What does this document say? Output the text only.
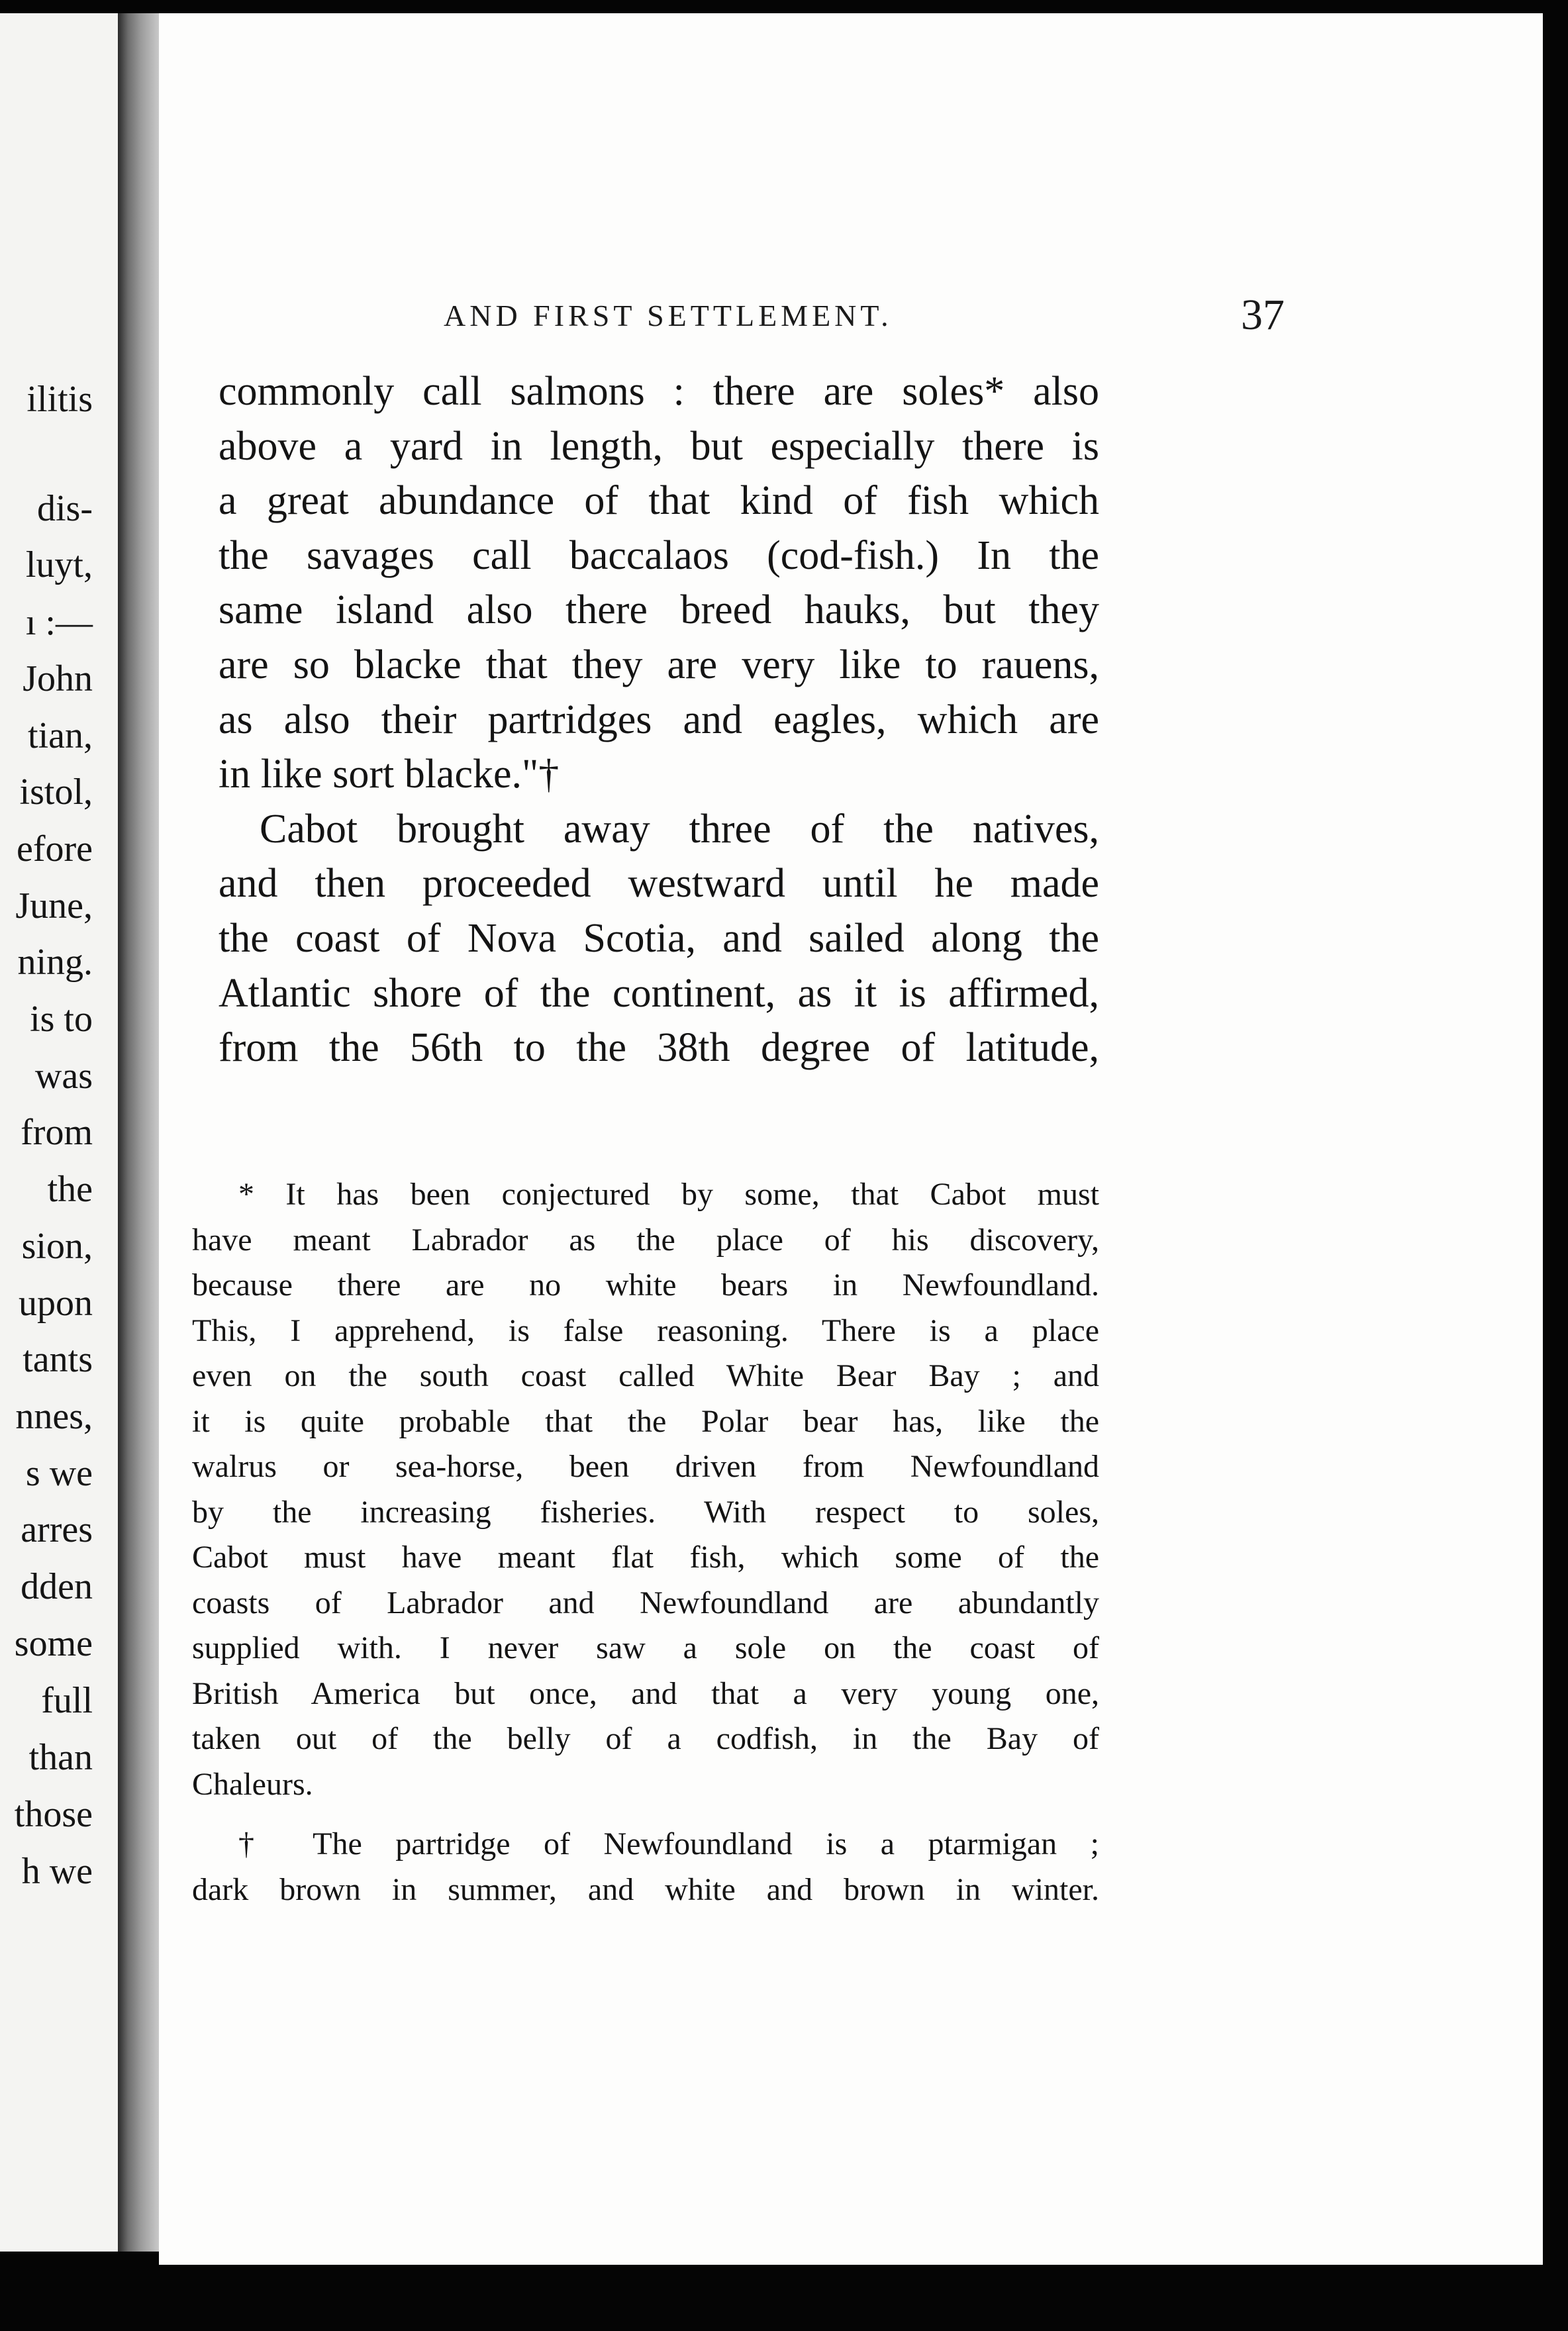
ilitis
dis-
luyt,
ı :—
John
tian,
istol,
efore
June,
ning.
is to
was
from
the
sion,
upon
tants
nnes,
s we
arres
dden
some
full
than
those
h we
AND FIRST SETTLEMENT.	37
commonly call salmons : there are soles* also
above a yard in length, but especially there is
a great abundance of that kind of fish which
the savages call baccalaos (cod-fish.) In the
same island also there breed hauks, but they
are so blacke that they are very like to rauens,
as also their partridges and eagles, which are
in like sort blacke."†
Cabot brought away three of the natives,
and then proceeded westward until he made
the coast of Nova Scotia, and sailed along the
Atlantic shore of the continent, as it is affirmed,
from the 56th to the 38th degree of latitude,
* It has been conjectured by some, that Cabot must
have meant Labrador as the place of his discovery,
because there are no white bears in Newfoundland.
This, I apprehend, is false reasoning. There is a place
even on the south coast called White Bear Bay ; and
it is quite probable that the Polar bear has, like the
walrus or sea-horse, been driven from Newfoundland
by the increasing fisheries. With respect to soles,
Cabot must have meant flat fish, which some of the
coasts of Labrador and Newfoundland are abundantly
supplied with. I never saw a sole on the coast of
British America but once, and that a very young one,
taken out of the belly of a codfish, in the Bay of
Chaleurs.
† The partridge of Newfoundland is a ptarmigan ;
dark brown in summer, and white and brown in winter.
